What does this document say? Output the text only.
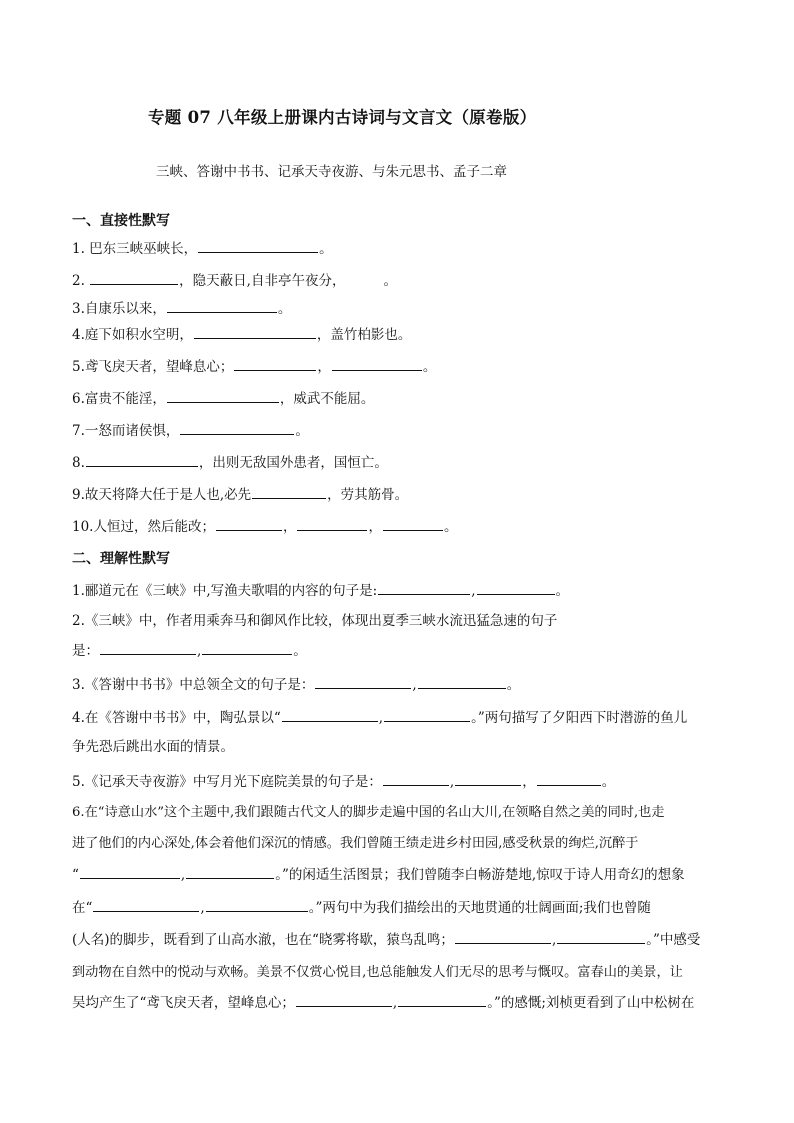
专题 07 八年级上册课内古诗词与文言文（原卷版）
三峡、答谢中书书、记承天寺夜游、与朱元思书、孟子二章
一、直接性默写
1. 巴东三峡巫峡长，	。
2.	，隐天蔽日,自非亭午夜分，	。
3.自康乐以来，	。
4.庭下如积水空明，	，盖竹柏影也。
5.鸢飞戾天者，望峰息心；	，	。
6.富贵不能淫，	，威武不能屈。
7.一怒而诸侯惧，	。
8.	，出则无敌国外患者，国恒亡。
9.故天将降大任于是人也,必先	，劳其筋骨。
10.人恒过，然后能改；	，	，	。
二、理解性默写
1.郦道元在《三峡》中,写渔夫歌唱的内容的句子是:	,	。
2.《三峡》中，作者用乘奔马和御风作比较，体现出夏季三峡水流迅猛急速的句子
是：	,	。
3.《答谢中书书》中总领全文的句子是：	,	。
4.在《答谢中书书》中，陶弘景以“	,	。”两句描写了夕阳西下时潜游的鱼儿
争先恐后跳出水面的情景。
5.《记承天寺夜游》中写月光下庭院美景的句子是：	,	，	。
6.在“诗意山水”这个主题中,我们跟随古代文人的脚步走遍中国的名山大川,在领略自然之美的同时,也走
进了他们的内心深处,体会着他们深沉的情感。我们曾随王绩走进乡村田园,感受秋景的绚烂,沉醉于
“	,	。”的闲适生活图景；我们曾随李白畅游楚地,惊叹于诗人用奇幻的想象
在“	,	。”两句中为我们描绘出的天地贯通的壮阔画面;我们也曾随
(人名)的脚步，既看到了山高水澈，也在“晓雾将歇，猿鸟乱鸣；	,	。”中感受
到动物在自然中的悦动与欢畅。美景不仅赏心悦目,也总能触发人们无尽的思考与慨叹。富春山的美景，让
吴均产生了“鸢飞戾天者，望峰息心；	,	。”的感慨;刘桢更看到了山中松树在
